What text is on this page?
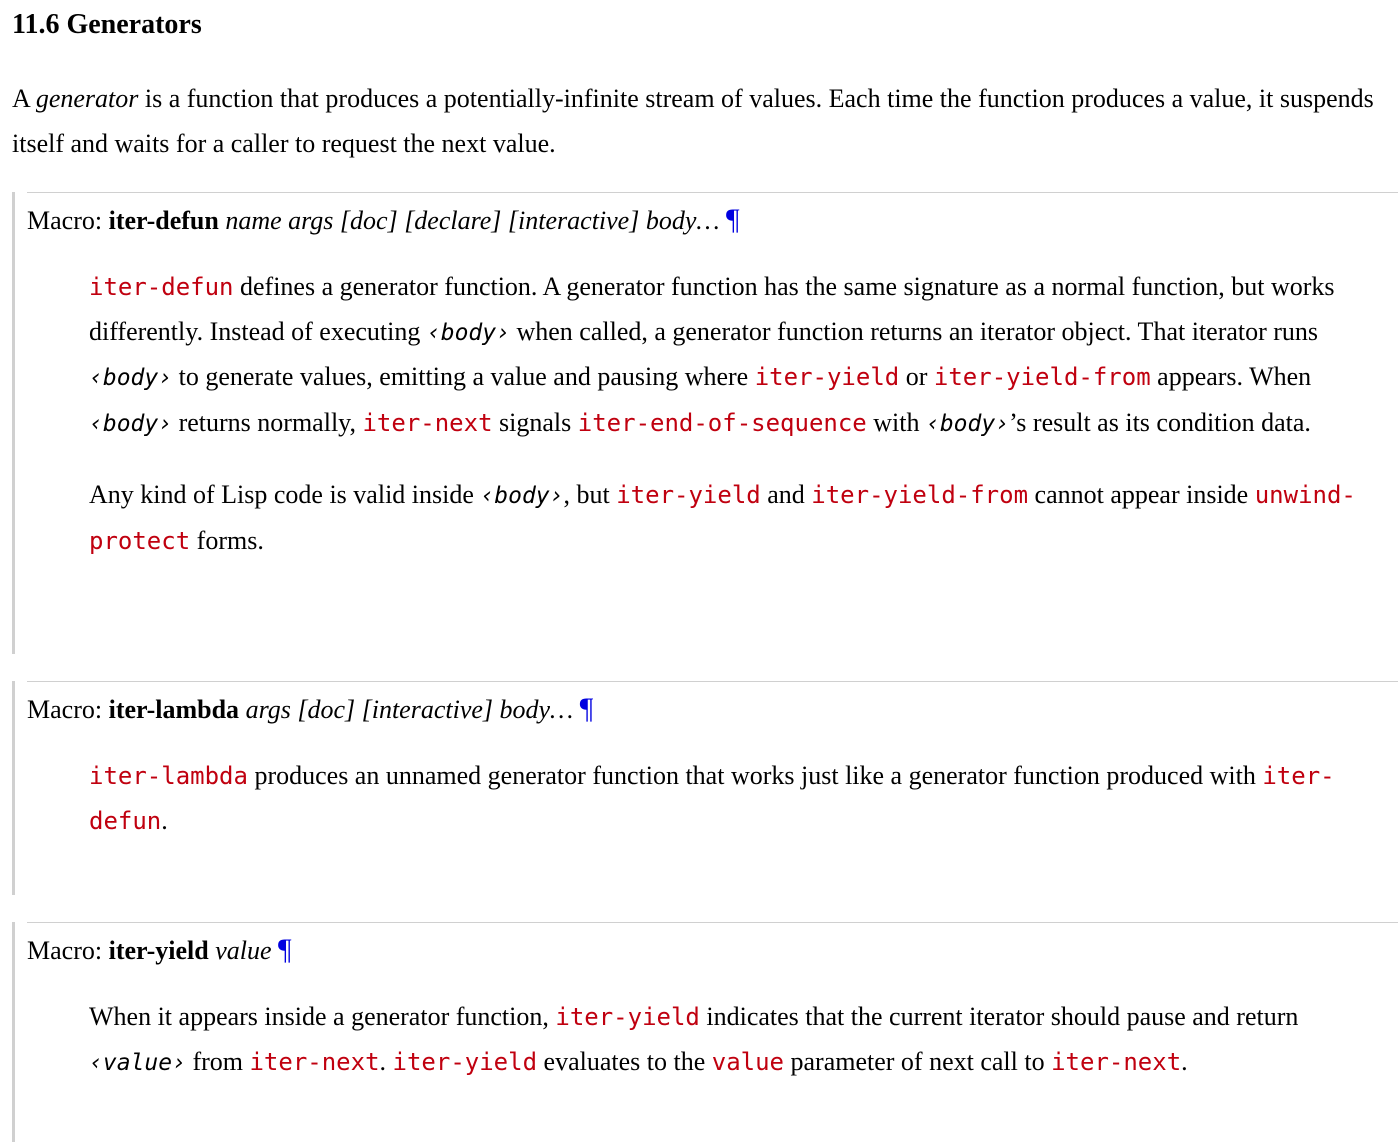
11.6 Generators

A generator is a function that produces a potentially-infinite stream of values. Each time the function produces a value, it suspends itself and waits for a caller to request the next value.

Macro: iter-defun name args [doc] [declare] [interactive] body… ¶

iter-defun defines a generator function. A generator function has the same signature as a normal function, but works differently. Instead of executing ‹body› when called, a generator function returns an iterator object. That iterator runs ‹body› to generate values, emitting a value and pausing where iter-yield or iter-yield-from appears. When ‹body› returns normally, iter-next signals iter-end-of-sequence with ‹body›’s result as its condition data.

Any kind of Lisp code is valid inside ‹body›, but iter-yield and iter-yield-from cannot appear inside unwind-protect forms.

Macro: iter-lambda args [doc] [interactive] body… ¶

iter-lambda produces an unnamed generator function that works just like a generator function produced with iter-defun.

Macro: iter-yield value ¶

When it appears inside a generator function, iter-yield indicates that the current iterator should pause and return ‹value› from iter-next. iter-yield evaluates to the value parameter of next call to iter-next.
